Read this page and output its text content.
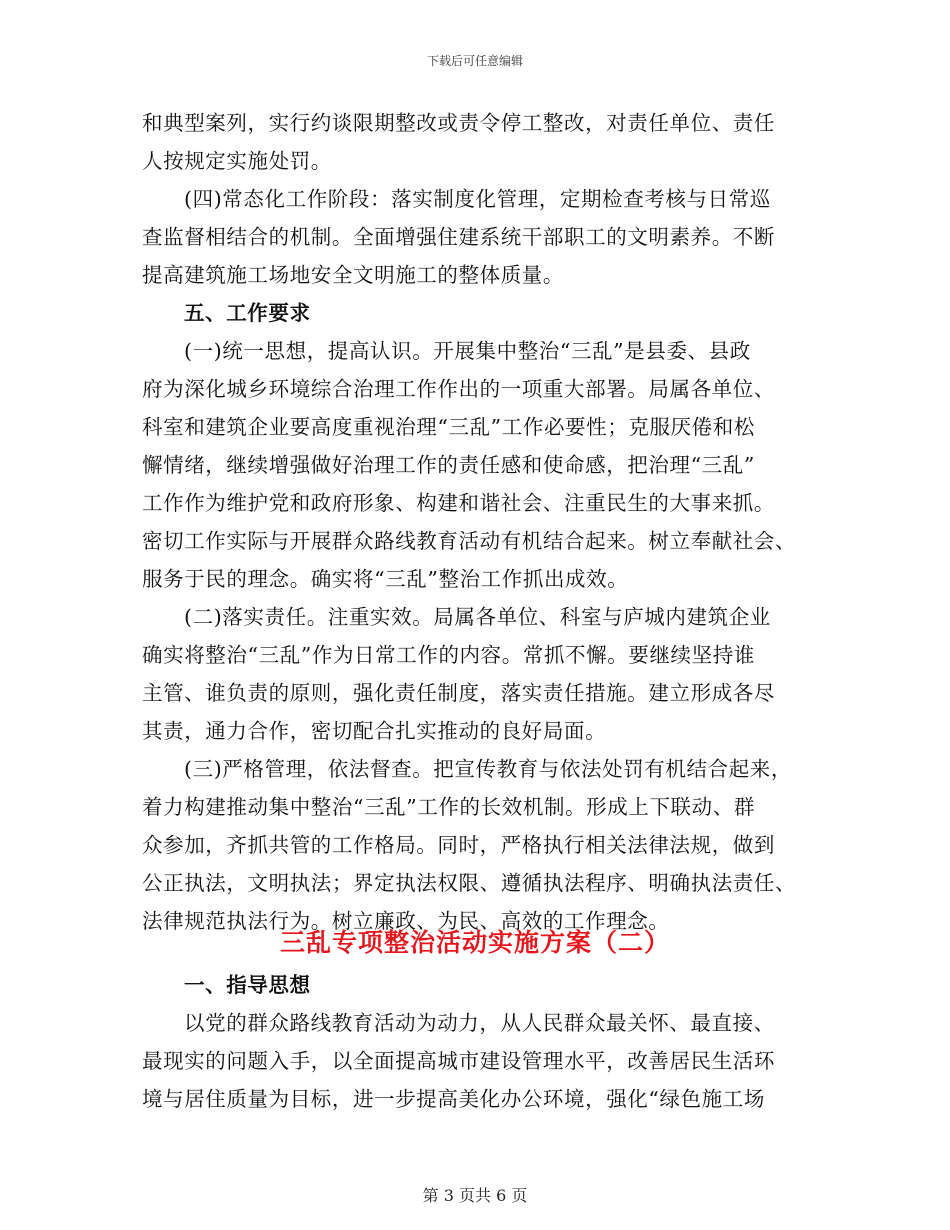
下载后可任意编辑
和典型案列，实行约谈限期整改或责令停工整改，对责任单位、责任
人按规定实施处罚。
(四)常态化工作阶段：落实制度化管理，定期检查考核与日常巡
查监督相结合的机制。全面增强住建系统干部职工的文明素养。不断
提高建筑施工场地安全文明施工的整体质量。
五、工作要求
(一)统一思想，提高认识。开展集中整治“三乱”是县委、县政
府为深化城乡环境综合治理工作作出的一项重大部署。局属各单位、
科室和建筑企业要高度重视治理“三乱”工作必要性；克服厌倦和松
懈情绪，继续增强做好治理工作的责任感和使命感，把治理“三乱”
工作作为维护党和政府形象、构建和谐社会、注重民生的大事来抓。
密切工作实际与开展群众路线教育活动有机结合起来。树立奉献社会、
服务于民的理念。确实将“三乱”整治工作抓出成效。
(二)落实责任。注重实效。局属各单位、科室与庐城内建筑企业
确实将整治“三乱”作为日常工作的内容。常抓不懈。要继续坚持谁
主管、谁负责的原则，强化责任制度，落实责任措施。建立形成各尽
其责，通力合作，密切配合扎实推动的良好局面。
(三)严格管理，依法督查。把宣传教育与依法处罚有机结合起来，
着力构建推动集中整治“三乱”工作的长效机制。形成上下联动、群
众参加，齐抓共管的工作格局。同时，严格执行相关法律法规，做到
公正执法，文明执法；界定执法权限、遵循执法程序、明确执法责任、
法律规范执法行为。树立廉政、为民、高效的工作理念。
三乱专项整治活动实施方案（二）
一、指导思想
以党的群众路线教育活动为动力，从人民群众最关怀、最直接、
最现实的问题入手，以全面提高城市建设管理水平，改善居民生活环
境与居住质量为目标，进一步提高美化办公环境，强化“绿色施工场
第 3 页共 6 页
